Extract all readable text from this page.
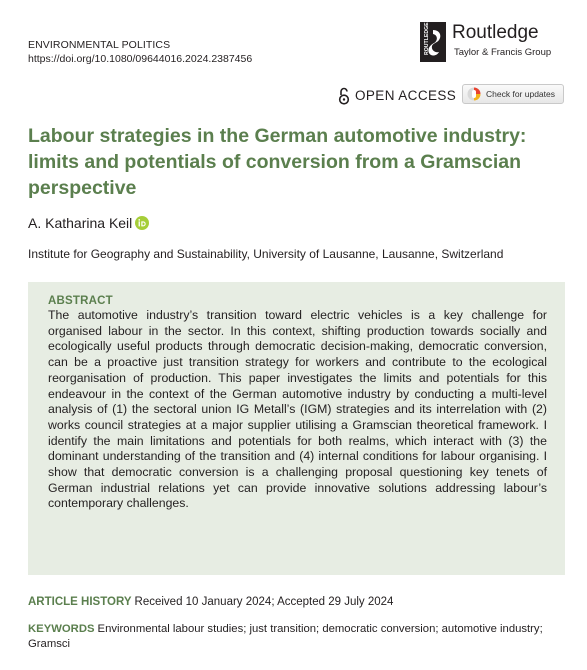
ENVIRONMENTAL POLITICS
https://doi.org/10.1080/09644016.2024.2387456
ROUTLEDGE Routledge
Taylor & Francis Group
OPEN ACCESS	Check for updates
Labour strategies in the German automotive industry: limits and potentials of conversion from a Gramscian perspective
A. Katharina Keil
Institute for Geography and Sustainability, University of Lausanne, Lausanne, Switzerland
ABSTRACT

The automotive industry’s transition toward electric vehicles is a key challenge for organised labour in the sector. In this context, shifting production towards socially and ecologically useful products through democratic decision-making, democratic conversion, can be a proactive just transition strategy for workers and contribute to the ecological reorganisation of production. This paper investigates the limits and potentials for this endeavour in the context of the German automotive industry by conducting a multi-level analysis of (1) the sectoral union IG Metall’s (IGM) strategies and its interrelation with (2) works council strategies at a major supplier utilising a Gramscian theoretical framework. I identify the main limitations and potentials for both realms, which interact with (3) the dominant understanding of the transition and (4) internal conditions for labour organising. I show that democratic conversion is a challenging proposal questioning key tenets of German industrial relations yet can provide innovative solutions addressing labour’s contemporary challenges.

ARTICLE HISTORY Received 10 January 2024; Accepted 29 July 2024
KEYWORDS Environmental labour studies; just transition; democratic conversion; automotive industry; Gramsci
